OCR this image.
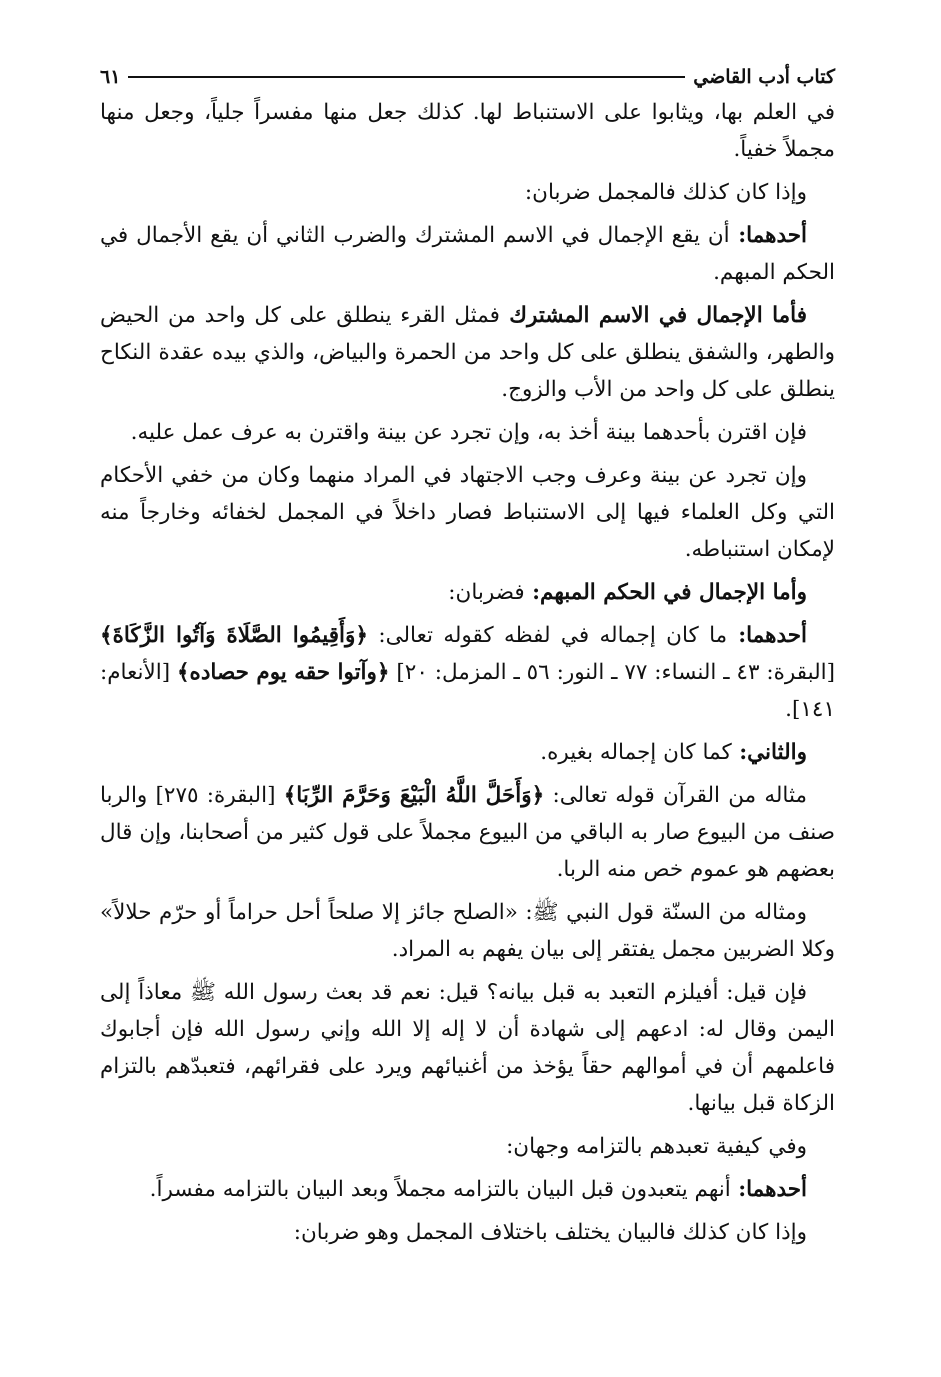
كتاب أدب القاضي
٦١

في العلم بها، ويثابوا على الاستنباط لها. كذلك جعل منها مفسراً جلياً، وجعل منها مجملاً خفياً.

وإذا كان كذلك فالمجمل ضربان:

أحدهما: أن يقع الإجمال في الاسم المشترك والضرب الثاني أن يقع الأجمال في الحكم المبهم.

فأما الإجمال في الاسم المشترك فمثل القرء ينطلق على كل واحد من الحيض والطهر، والشفق ينطلق على كل واحد من الحمرة والبياض، والذي بيده عقدة النكاح ينطلق على كل واحد من الأب والزوج.

فإن اقترن بأحدهما بينة أخذ به، وإن تجرد عن بينة واقترن به عرف عمل عليه.

وإن تجرد عن بينة وعرف وجب الاجتهاد في المراد منهما وكان من خفي الأحكام التي وكل العلماء فيها إلى الاستنباط فصار داخلاً في المجمل لخفائه وخارجاً منه لإمكان استنباطه.

وأما الإجمال في الحكم المبهم: فضربان:

أحدهما: ما كان إجماله في لفظه كقوله تعالى: ﴿وَأَقِيمُوا الصَّلَاةَ وَآتُوا الزَّكَاةَ﴾ [البقرة: ٤٣ ـ النساء: ٧٧ ـ النور: ٥٦ ـ المزمل: ٢٠] ﴿وآتوا حقه يوم حصاده﴾ [الأنعام: ١٤١].

والثاني: كما كان إجماله بغيره.

مثاله من القرآن قوله تعالى: ﴿وَأَحَلَّ اللَّهُ الْبَيْعَ وَحَرَّمَ الرِّبَا﴾ [البقرة: ٢٧٥] والربا صنف من البيوع صار به الباقي من البيوع مجملاً على قول كثير من أصحابنا، وإن قال بعضهم هو عموم خص منه الربا.

ومثاله من السنّة قول النبي ﷺ: «الصلح جائز إلا صلحاً أحل حراماً أو حرّم حلالاً» وكلا الضربين مجمل يفتقر إلى بيان يفهم به المراد.

فإن قيل: أفيلزم التعبد به قبل بيانه؟ قيل: نعم قد بعث رسول الله ﷺ معاذاً إلى اليمن وقال له: ادعهم إلى شهادة أن لا إله إلا الله وإني رسول الله فإن أجابوك فاعلمهم أن في أموالهم حقاً يؤخذ من أغنيائهم ويرد على فقرائهم، فتعبدّهم بالتزام الزكاة قبل بيانها.

وفي كيفية تعبدهم بالتزامه وجهان:

أحدهما: أنهم يتعبدون قبل البيان بالتزامه مجملاً وبعد البيان بالتزامه مفسراً.

وإذا كان كذلك فالبيان يختلف باختلاف المجمل وهو ضربان:
